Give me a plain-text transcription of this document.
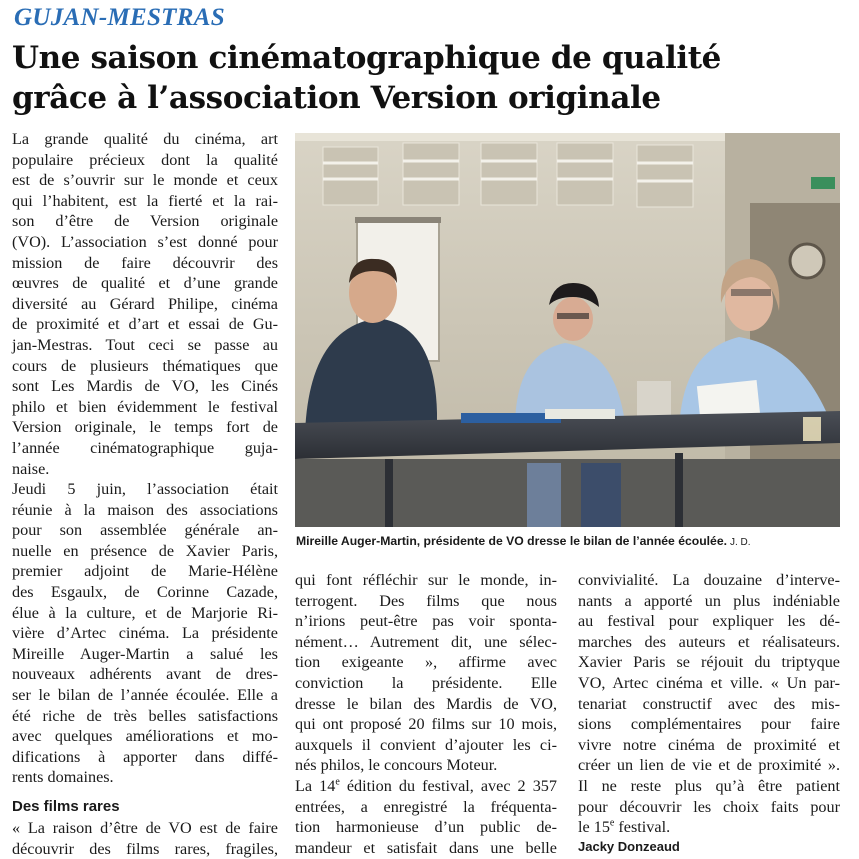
GUJAN-MESTRAS
Une saison cinématographique de qualité
grâce à l’association Version originale
La grande qualité du cinéma, art
populaire précieux dont la qualité
est de s’ouvrir sur le monde et ceux
qui l’habitent, est la fierté et la rai-
son d’être de Version originale
(VO). L’association s’est donné pour
mission de faire découvrir des
œuvres de qualité et d’une grande
diversité au Gérard Philipe, cinéma
de proximité et d’art et essai de Gu-
jan-Mestras. Tout ceci se passe au
cours de plusieurs thématiques que
sont Les Mardis de VO, les Cinés
philo et bien évidemment le festival
Version originale, le temps fort de
l’année cinématographique guja-
naise.
Jeudi 5 juin, l’association était
réunie à la maison des associations
pour son assemblée générale an-
nuelle en présence de Xavier Paris,
premier adjoint de Marie-Hélène
des Esgaulx, de Corinne Cazade,
élue à la culture, et de Marjorie Ri-
vière d’Artec cinéma. La présidente
Mireille Auger-Martin a salué les
nouveaux adhérents avant de dres-
ser le bilan de l’année écoulée. Elle a
été riche de très belles satisfactions
avec quelques améliorations et mo-
difications à apporter dans diffé-
rents domaines.
Des films rares
« La raison d’être de VO est de faire
découvrir des films rares, fragiles,

Mireille Auger-Martin, présidente de VO dresse le bilan de l’année écoulée. J. D.

qui font réfléchir sur le monde, in-
terrogent. Des films que nous
n’irions peut-être pas voir sponta-
nément… Autrement dit, une sélec-
tion exigeante », affirme avec
conviction la présidente. Elle
dresse le bilan des Mardis de VO,
qui ont proposé 20 films sur 10 mois,
auxquels il convient d’ajouter les ci-
nés philos, le concours Moteur.
La 14e édition du festival, avec 2 357
entrées, a enregistré la fréquenta-
tion harmonieuse d’un public de-
mandeur et satisfait dans une belle
convivialité. La douzaine d’interve-
nants a apporté un plus indéniable
au festival pour expliquer les dé-
marches des auteurs et réalisateurs.
Xavier Paris se réjouit du triptyque
VO, Artec cinéma et ville. « Un par-
tenariat constructif avec des mis-
sions complémentaires pour faire
vivre notre cinéma de proximité et
créer un lien de vie et de proximité ».
Il ne reste plus qu’à être patient
pour découvrir les choix faits pour
le 15e festival.
Jacky Donzeaud
